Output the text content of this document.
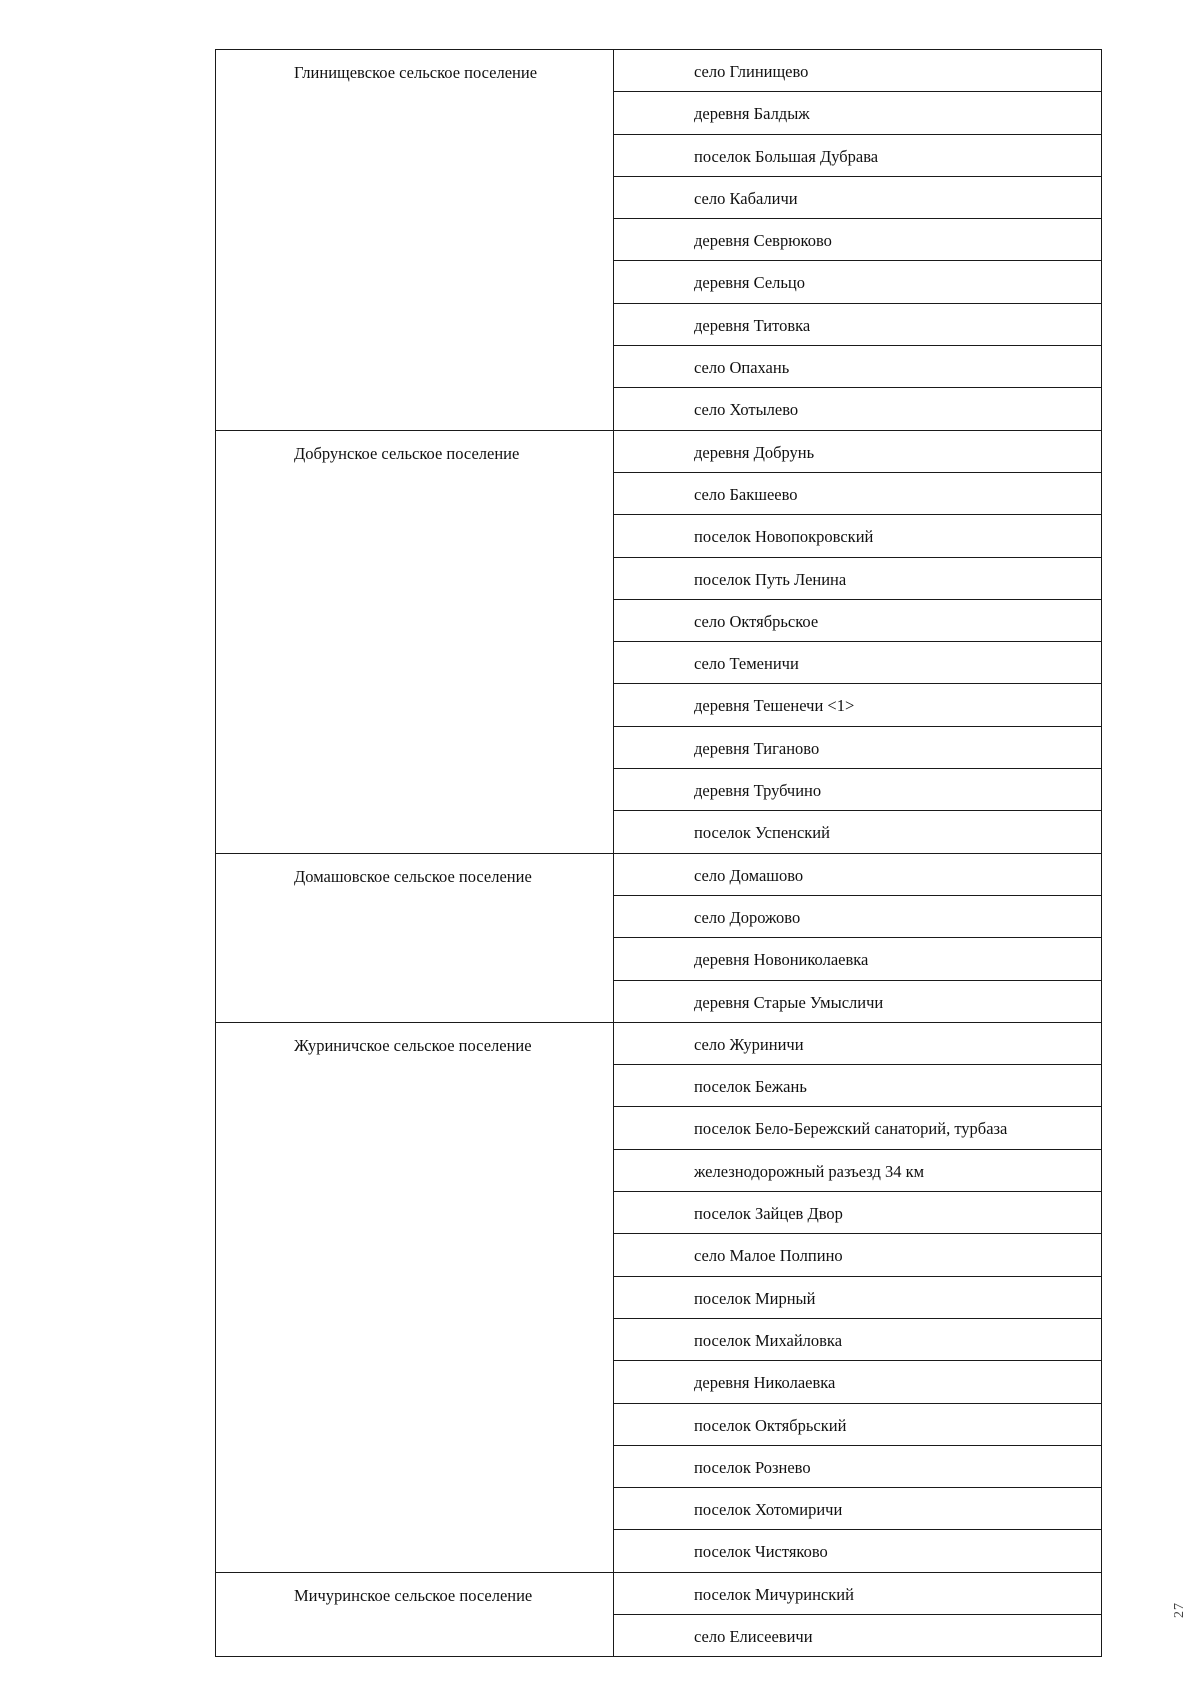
Глинищевское сельское поселение	село Глинищево
	деревня Балдыж
	поселок Большая Дубрава
	село Кабаличи
	деревня Севрюково
	деревня Сельцо
	деревня Титовка
	село Опахань
	село Хотылево
Добрунское сельское поселение	деревня Добрунь
	село Бакшеево
	поселок Новопокровский
	поселок Путь Ленина
	село Октябрьское
	село Теменичи
	деревня Тешенечи <1>
	деревня Тиганово
	деревня Трубчино
	поселок Успенский
Домашовское сельское поселение	село Домашово
	село Дорожово
	деревня Новониколаевка
	деревня Старые Умысличи
Журиничское сельское поселение	село Журиничи
	поселок Бежань
	поселок Бело-Бережский санаторий, турбаза
	железнодорожный разъезд 34 км
	поселок Зайцев Двор
	село Малое Полпино
	поселок Мирный
	поселок Михайловка
	деревня Николаевка
	поселок Октябрьский
	поселок Рознево
	поселок Хотомиричи
	поселок Чистяково
Мичуринское сельское поселение	поселок Мичуринский
	село Елисеевичи
27
